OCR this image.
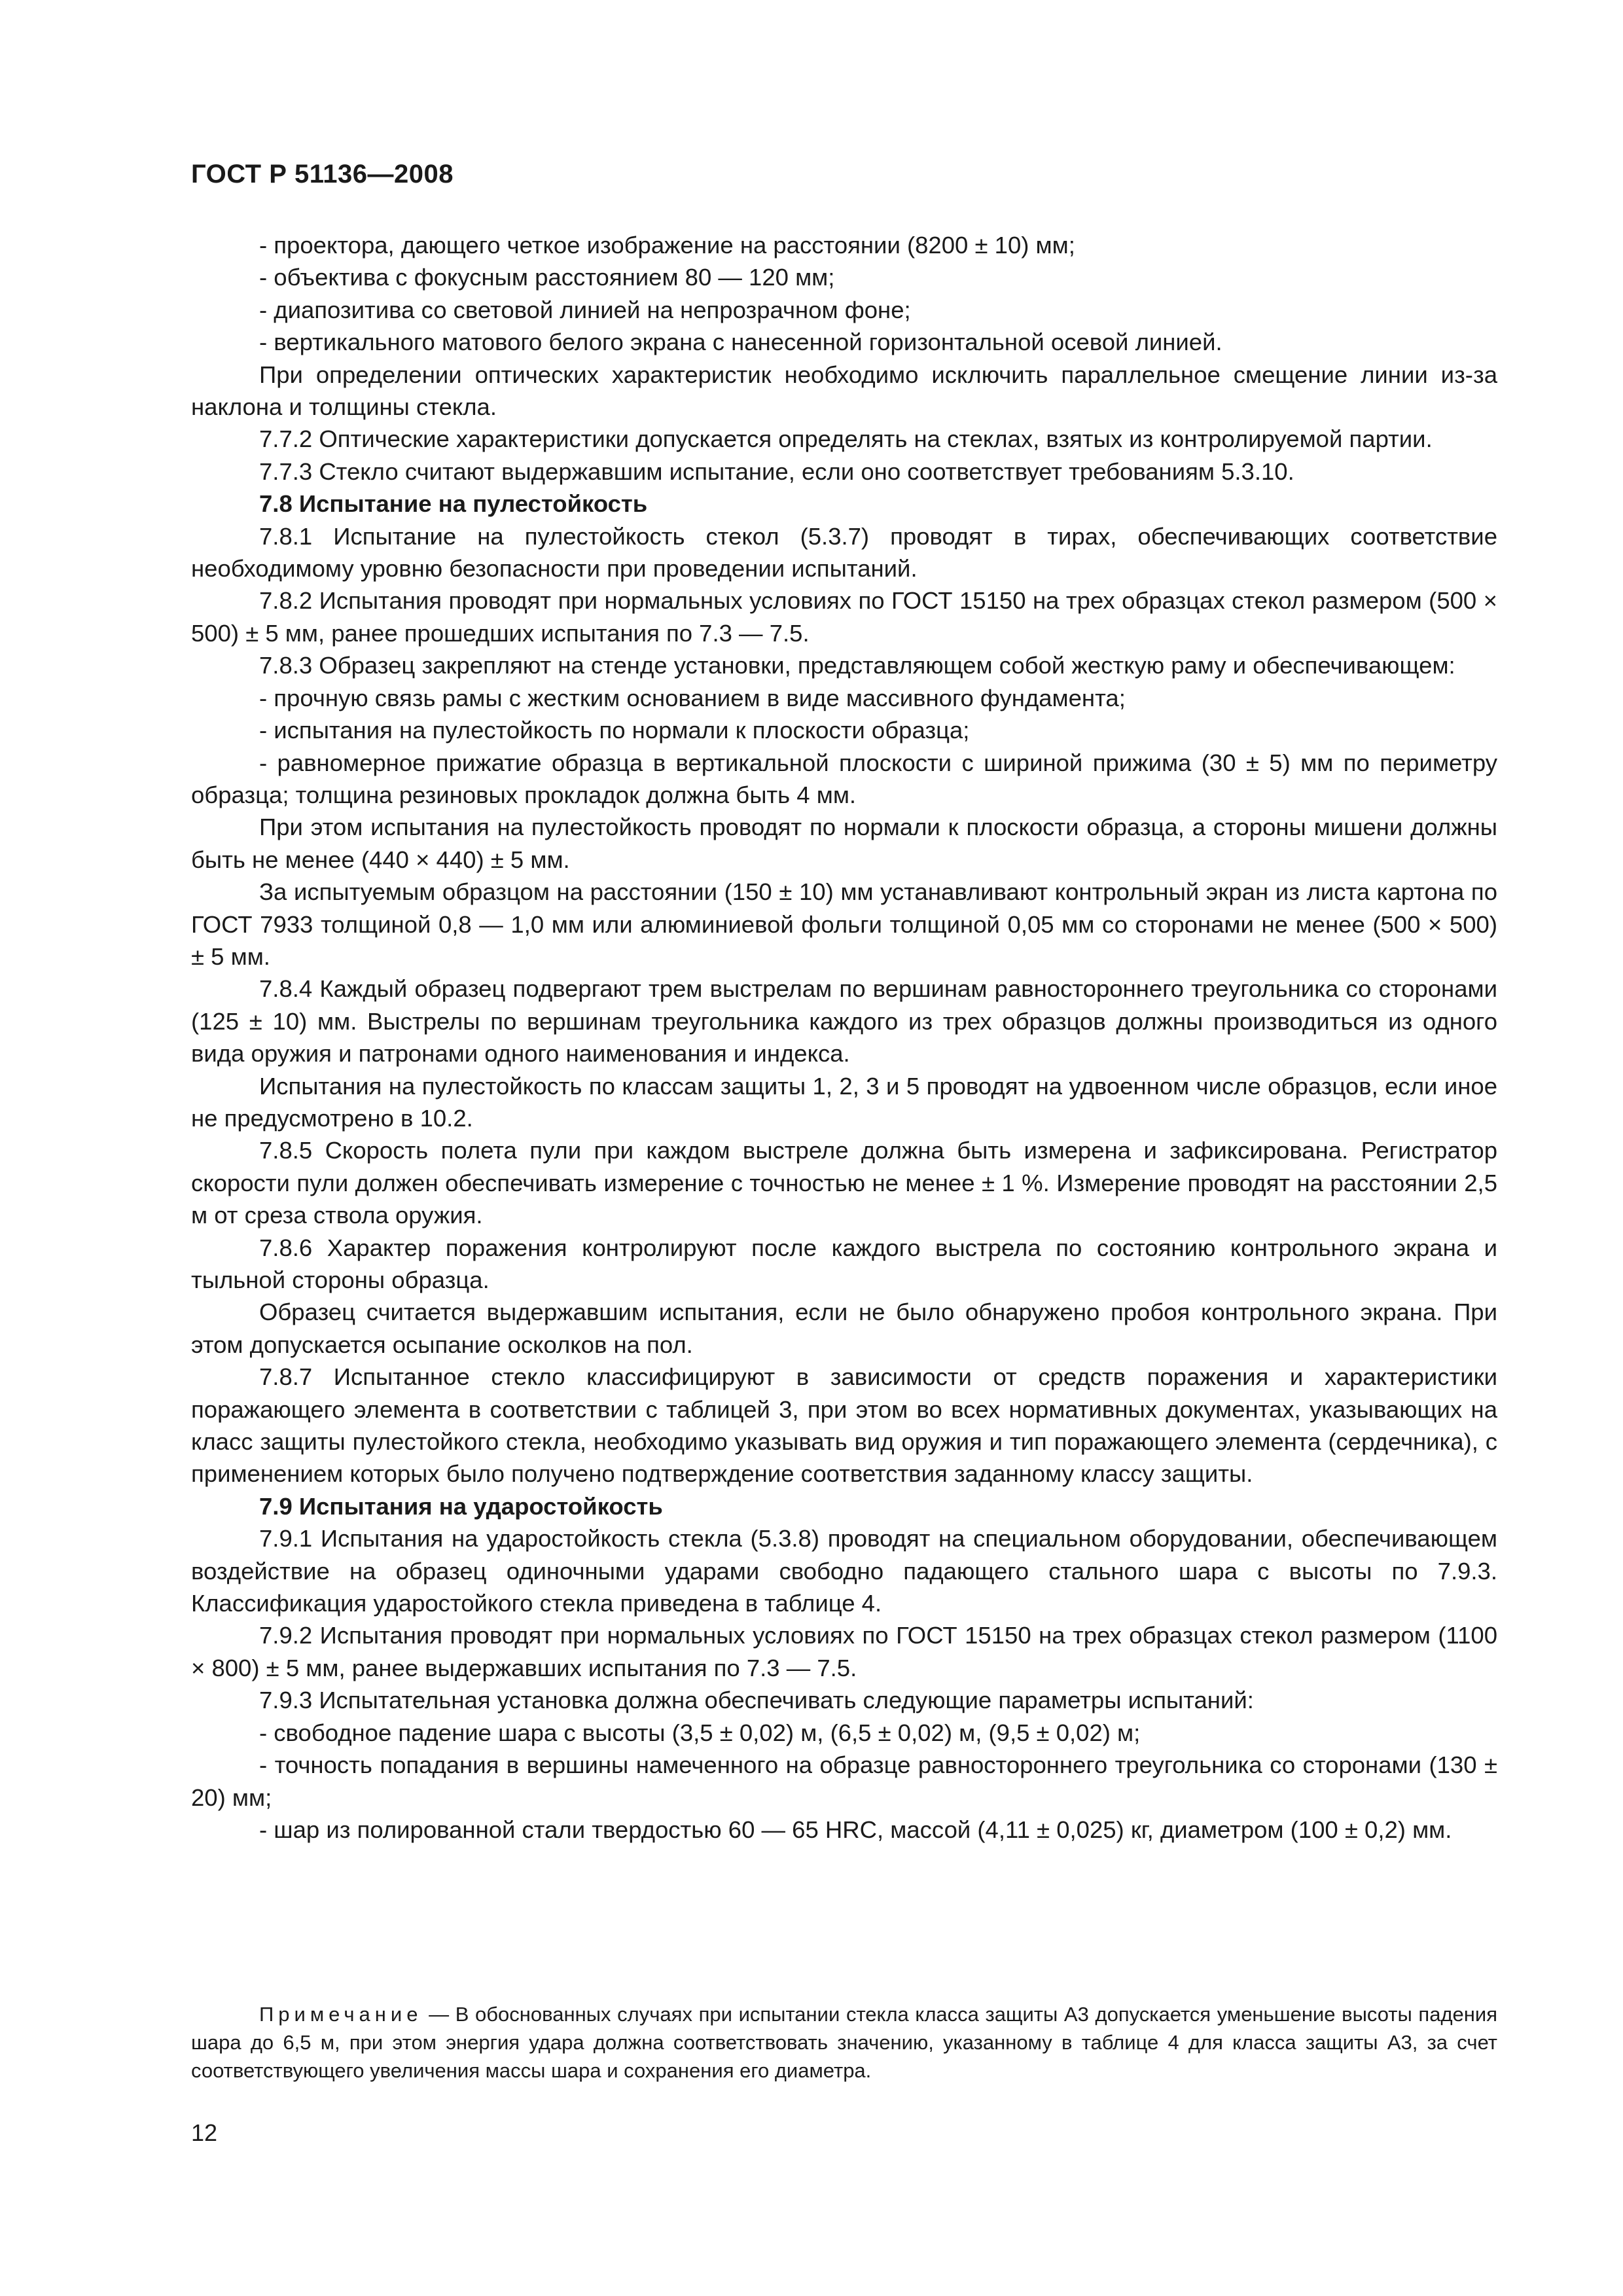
ГОСТ Р 51136—2008

- проектора, дающего четкое изображение на расстоянии (8200 ± 10) мм;

- объектива с фокусным расстоянием 80 — 120 мм;

- диапозитива со световой линией на непрозрачном фоне;

- вертикального матового белого экрана с нанесенной горизонтальной осевой линией.

При определении оптических характеристик необходимо исключить параллельное смещение линии из-за наклона и толщины стекла.

7.7.2 Оптические характеристики допускается определять на стеклах, взятых из контролируемой партии.

7.7.3 Стекло считают выдержавшим испытание, если оно соответствует требованиям 5.3.10.

7.8 Испытание на пулестойкость

7.8.1 Испытание на пулестойкость стекол (5.3.7) проводят в тирах, обеспечивающих соответствие необходимому уровню безопасности при проведении испытаний.

7.8.2 Испытания проводят при нормальных условиях по ГОСТ 15150 на трех образцах стекол размером (500 × 500) ± 5 мм, ранее прошедших испытания по 7.3 — 7.5.

7.8.3 Образец закрепляют на стенде установки, представляющем собой жесткую раму и обеспечивающем:

- прочную связь рамы с жестким основанием в виде массивного фундамента;

- испытания на пулестойкость по нормали к плоскости образца;

- равномерное прижатие образца в вертикальной плоскости с шириной прижима (30 ± 5) мм по периметру образца; толщина резиновых прокладок должна быть 4 мм.

При этом испытания на пулестойкость проводят по нормали к плоскости образца, а стороны мишени должны быть не менее (440 × 440) ± 5 мм.

За испытуемым образцом на расстоянии (150 ± 10) мм устанавливают контрольный экран из листа картона по ГОСТ 7933 толщиной 0,8 — 1,0 мм или алюминиевой фольги толщиной 0,05 мм со сторонами не менее (500 × 500) ± 5 мм.

7.8.4 Каждый образец подвергают трем выстрелам по вершинам равностороннего треугольника со сторонами (125 ± 10) мм. Выстрелы по вершинам треугольника каждого из трех образцов должны производиться из одного вида оружия и патронами одного наименования и индекса.

Испытания на пулестойкость по классам защиты 1, 2, 3 и 5 проводят на удвоенном числе образцов, если иное не предусмотрено в 10.2.

7.8.5 Скорость полета пули при каждом выстреле должна быть измерена и зафиксирована. Регистратор скорости пули должен обеспечивать измерение с точностью не менее ± 1 %. Измерение проводят на расстоянии 2,5 м от среза ствола оружия.

7.8.6 Характер поражения контролируют после каждого выстрела по состоянию контрольного экрана и тыльной стороны образца.

Образец считается выдержавшим испытания, если не было обнаружено пробоя контрольного экрана. При этом допускается осыпание осколков на пол.

7.8.7 Испытанное стекло классифицируют в зависимости от средств поражения и характеристики поражающего элемента в соответствии с таблицей 3, при этом во всех нормативных документах, указывающих на класс защиты пулестойкого стекла, необходимо указывать вид оружия и тип поражающего элемента (сердечника), с применением которых было получено подтверждение соответствия заданному классу защиты.

7.9 Испытания на ударостойкость

7.9.1 Испытания на ударостойкость стекла (5.3.8) проводят на специальном оборудовании, обеспечивающем воздействие на образец одиночными ударами свободно падающего стального шара с высоты по 7.9.3. Классификация ударостойкого стекла приведена в таблице 4.

7.9.2 Испытания проводят при нормальных условиях по ГОСТ 15150 на трех образцах стекол размером (1100 × 800) ± 5 мм, ранее выдержавших испытания по 7.3 — 7.5.

7.9.3 Испытательная установка должна обеспечивать следующие параметры испытаний:

- свободное падение шара с высоты (3,5 ± 0,02) м, (6,5 ± 0,02) м, (9,5 ± 0,02) м;

- точность попадания в вершины намеченного на образце равностороннего треугольника со сторонами (130 ± 20) мм;

- шар из полированной стали твердостью 60 — 65 HRC, массой (4,11 ± 0,025) кг, диаметром (100 ± 0,2) мм.

Примечание — В обоснованных случаях при испытании стекла класса защиты А3 допускается уменьшение высоты падения шара до 6,5 м, при этом энергия удара должна соответствовать значению, указанному в таблице 4 для класса защиты А3, за счет соответствующего увеличения массы шара и сохранения его диаметра.

12
